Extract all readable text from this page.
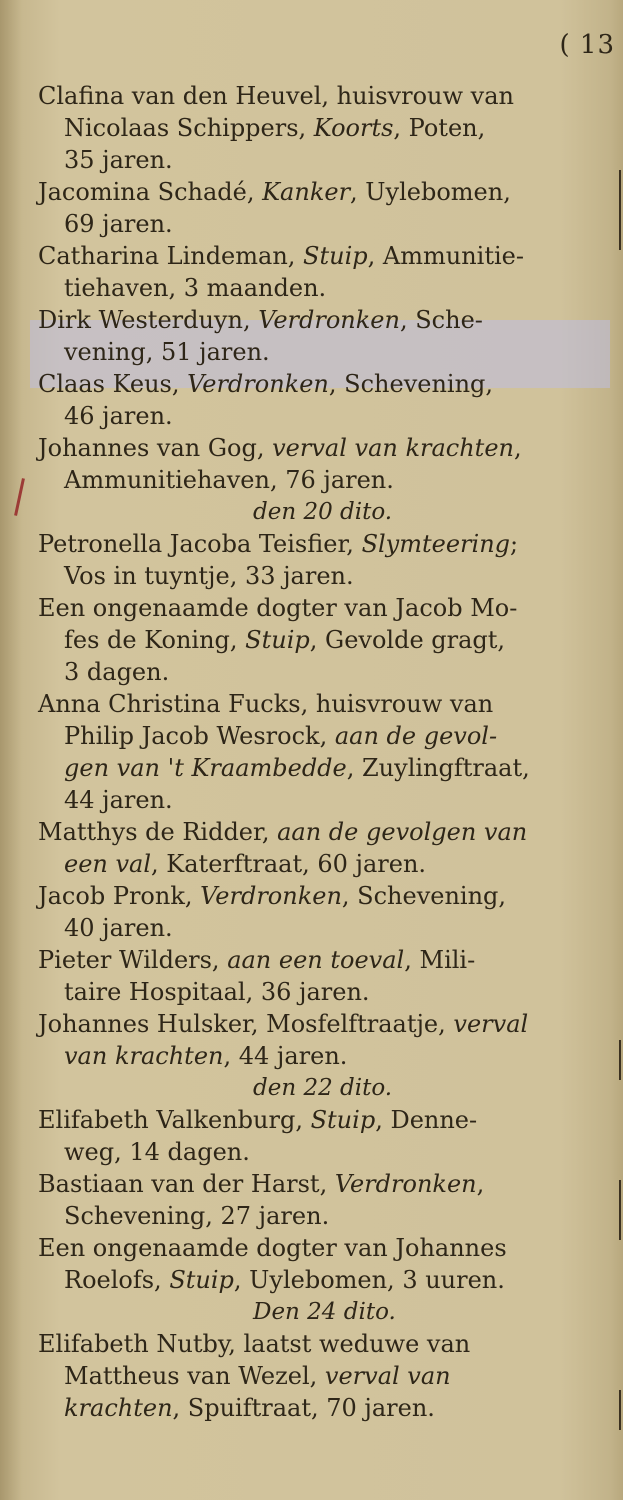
( 13
Clafina van den Heuvel, huisvrouw van
Nicolaas Schippers, Koorts, Poten,
35 jaren.
Jacomina Schadé, Kanker, Uylebomen,
69 jaren.
Catharina Lindeman, Stuip, Ammunitie-
tiehaven, 3 maanden.
Dirk Westerduyn, Verdronken, Sche-
vening, 51 jaren.
Claas Keus, Verdronken, Schevening,
46 jaren.
Johannes van Gog, verval van krachten,
Ammunitiehaven, 76 jaren.
den 20 dito.
Petronella Jacoba Teisfier, Slymteering;
Vos in tuyntje, 33 jaren.
Een ongenaamde dogter van Jacob Mo-
fes de Koning, Stuip, Gevolde gragt,
3 dagen.
Anna Christina Fucks, huisvrouw van
Philip Jacob Wesrock, aan de gevol-
gen van 't Kraambedde, Zuylingftraat,
44 jaren.
Matthys de Ridder, aan de gevolgen van
een val, Katerftraat, 60 jaren.
Jacob Pronk, Verdronken, Schevening,
40 jaren.
Pieter Wilders, aan een toeval, Mili-
taire Hospitaal, 36 jaren.
Johannes Hulsker, Mosfelftraatje, verval
van krachten, 44 jaren.
den 22 dito.
Elifabeth Valkenburg, Stuip, Denne-
weg, 14 dagen.
Bastiaan van der Harst, Verdronken,
Schevening, 27 jaren.
Een ongenaamde dogter van Johannes
Roelofs, Stuip, Uylebomen, 3 uuren.
Den 24 dito.
Elifabeth Nutby, laatst weduwe van
Mattheus van Wezel, verval van
krachten, Spuiftraat, 70 jaren.
